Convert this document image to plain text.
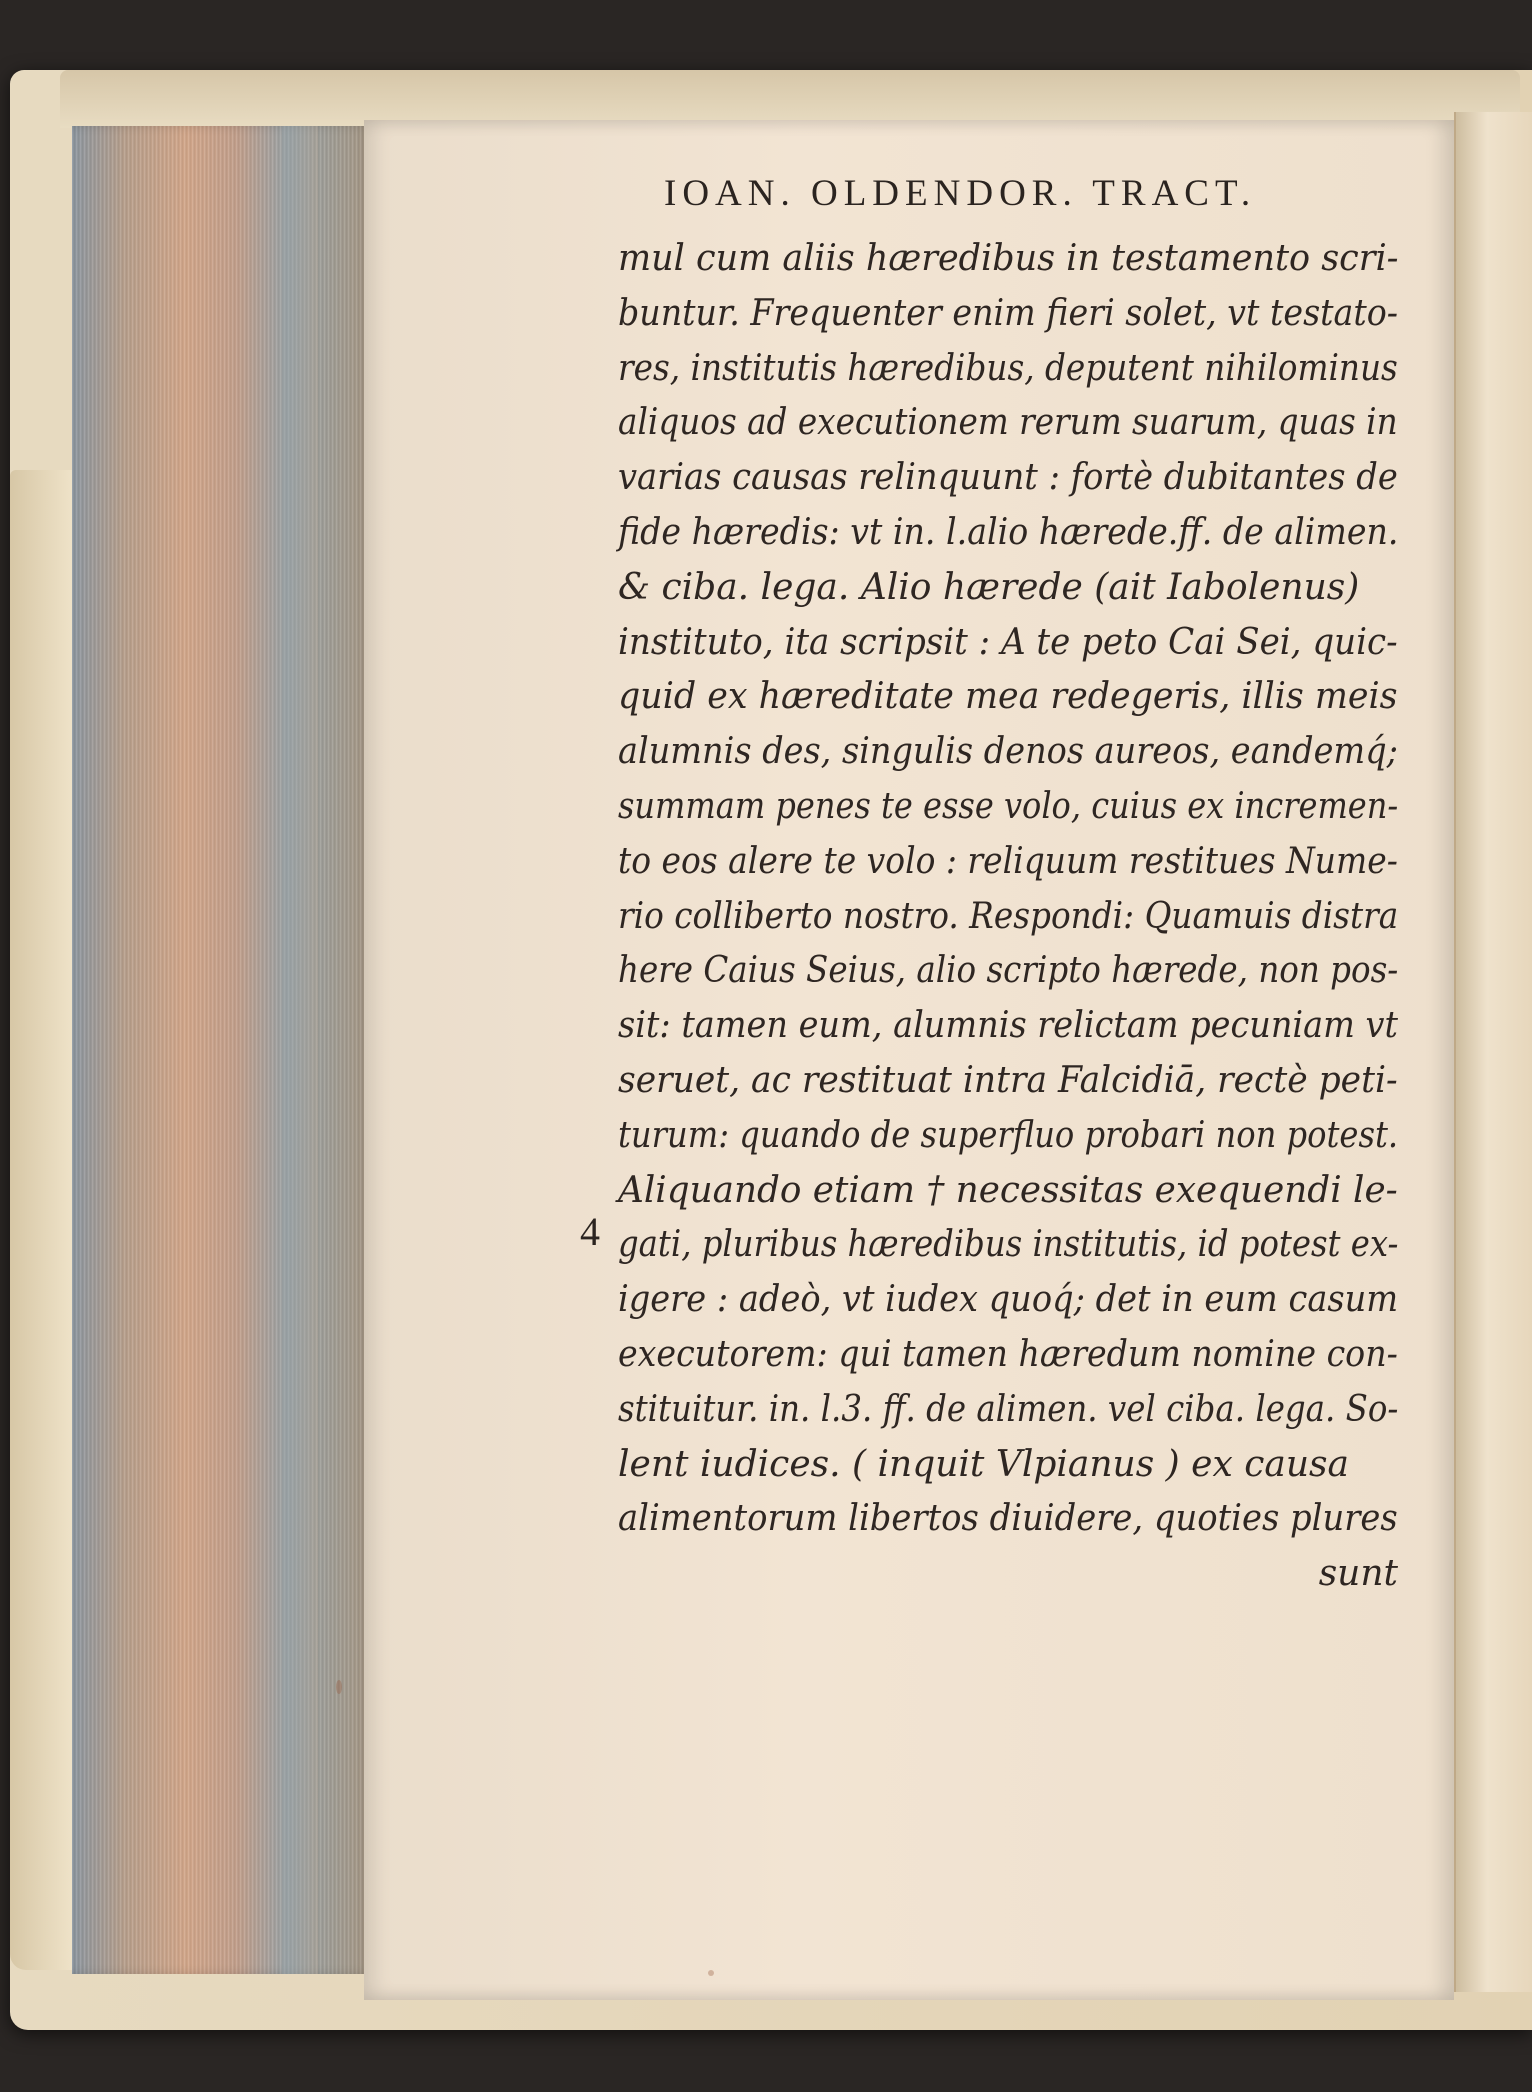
IOAN. OLDENDOR. TRACT.
4
mul cum aliis hæredibus in testamento scri-
buntur. Frequenter enim fieri solet, vt testato-
res, institutis hæredibus, deputent nihilominus
aliquos ad executionem rerum suarum, quas in
varias causas relinquunt : fortè dubitantes de
fide hæredis: vt in. l.alio hærede.ff. de alimen.
& ciba. lega. Alio hærede (ait Iabolenus)
instituto, ita scripsit : A te peto Cai Sei, quic-
quid ex hæreditate mea redegeris, illis meis
alumnis des, singulis denos aureos, eandemq́;
summam penes te esse volo, cuius ex incremen-
to eos alere te volo : reliquum restitues Nume-
rio colliberto nostro. Respondi: Quamuis distra
here Caius Seius, alio scripto hærede, non pos-
sit: tamen eum, alumnis relictam pecuniam vt
seruet, ac restituat intra Falcidiā, rectè peti-
turum: quando de superfluo probari non potest.
Aliquando etiam † necessitas exequendi le-
gati, pluribus hæredibus institutis, id potest ex-
igere : adeò, vt iudex quoq́; det in eum casum
executorem: qui tamen hæredum nomine con-
stituitur. in. l.3. ff. de alimen. vel ciba. lega. So-
lent iudices. ( inquit Vlpianus ) ex causa
alimentorum libertos diuidere, quoties plures
sunt
